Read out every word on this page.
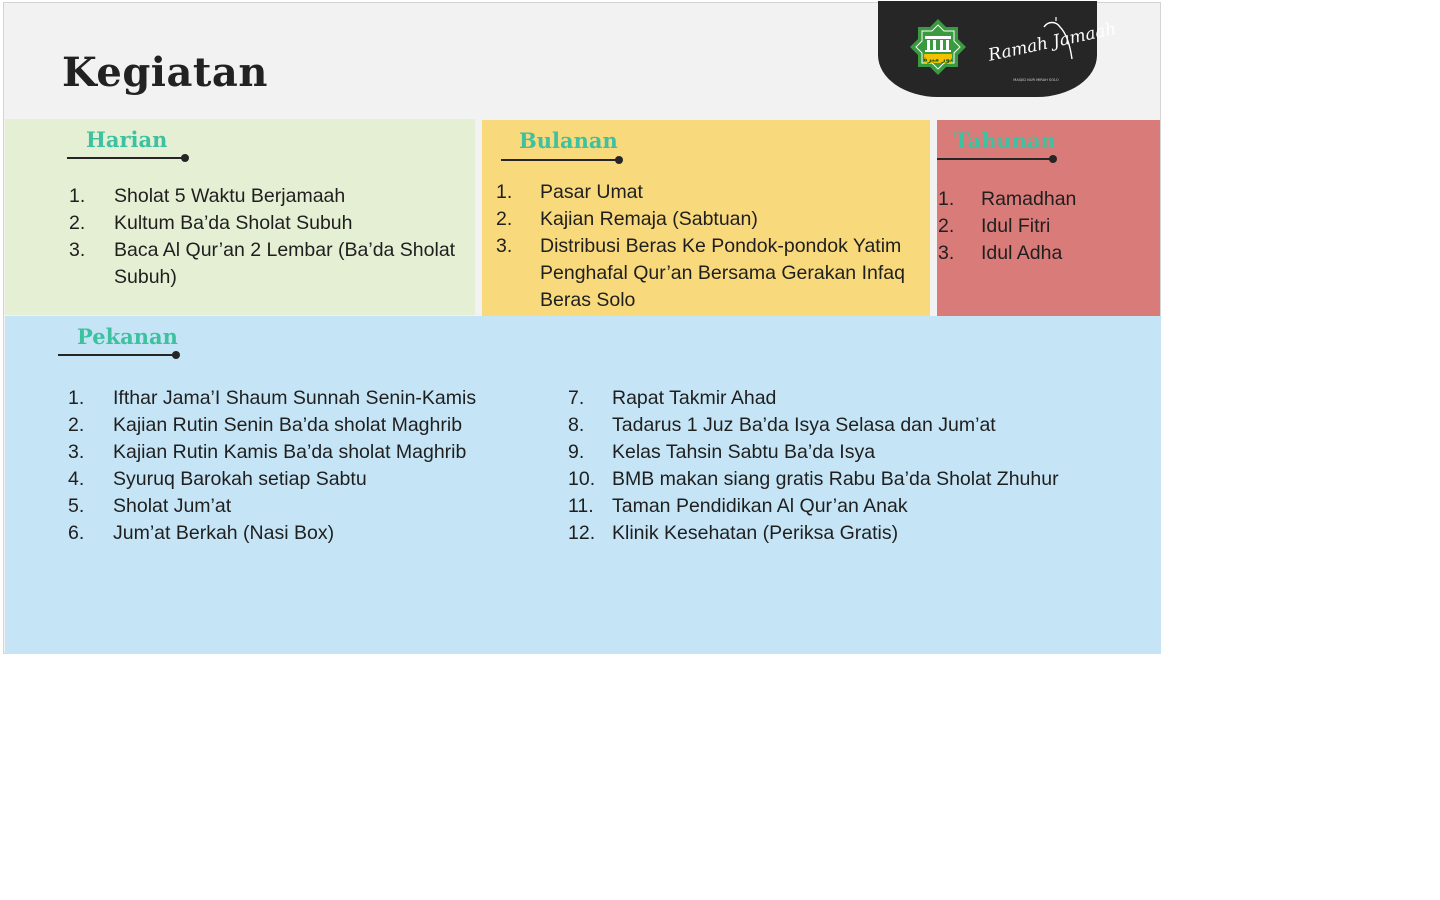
Kegiatan	نور ميرة Ramah Jamaah
MASJID NUR MIRAH SOLO
Harian
1.	Sholat 5 Waktu Berjamaah
2.	Kultum Ba’da Sholat Subuh
3.	Baca Al Qur’an 2 Lembar (Ba’da Sholat Subuh)
Bulanan
1.	Pasar Umat
2.	Kajian Remaja (Sabtuan)
3.	Distribusi Beras Ke Pondok-pondok Yatim Penghafal Qur’an Bersama Gerakan Infaq Beras Solo
Tahunan
1.	Ramadhan
2.	Idul Fitri
3.	Idul Adha
Pekanan
1.	Ifthar Jama’I Shaum Sunnah Senin-Kamis
2.	Kajian Rutin Senin Ba’da sholat Maghrib
3.	Kajian Rutin Kamis Ba’da sholat Maghrib
4.	Syuruq Barokah setiap Sabtu
5.	Sholat Jum’at
6.	Jum’at Berkah (Nasi Box)
7.	Rapat Takmir Ahad
8.	Tadarus 1 Juz Ba’da Isya Selasa dan Jum’at
9.	Kelas Tahsin Sabtu Ba’da Isya
10. BMB makan siang gratis Rabu Ba’da Sholat Zhuhur
11. Taman Pendidikan Al Qur’an Anak
12. Klinik Kesehatan (Periksa Gratis)
